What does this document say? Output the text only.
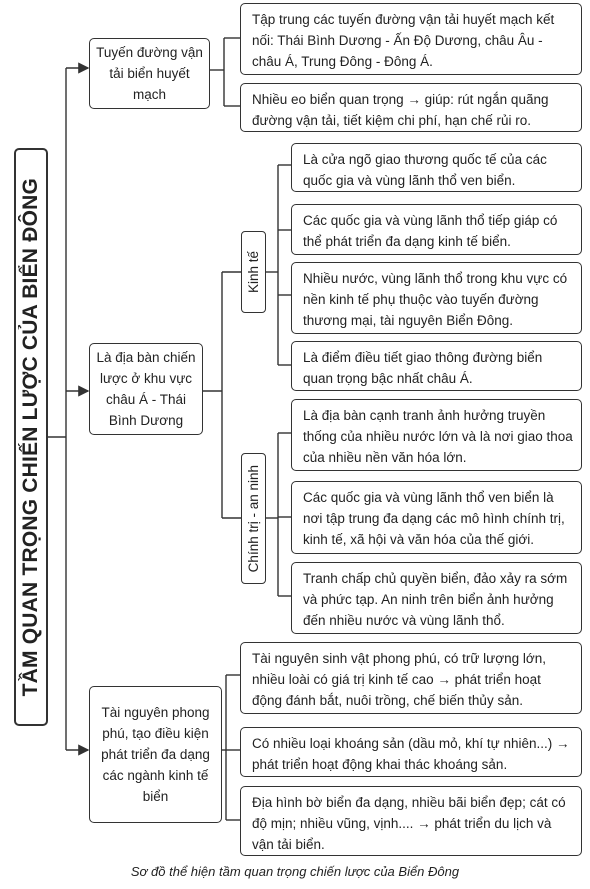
TẦM QUAN TRỌNG CHIẾN LƯỢC CỦA BIỂN ĐÔNG
Tuyến đường vận tải biển huyết mạch
Tập trung các tuyến đường vận tải huyết mạch kết nối: Thái Bình Dương - Ấn Độ Dương, châu Âu - châu Á, Trung Đông - Đông Á.
Nhiều eo biển quan trọng → giúp: rút ngắn quãng đường vận tải, tiết kiệm chi phí, hạn chế rủi ro.
Là địa bàn chiến lược ở khu vực châu Á - Thái Bình Dương
Kinh tế
Chính trị - an ninh
Là cửa ngõ giao thương quốc tế của các quốc gia và vùng lãnh thổ ven biển.
Các quốc gia và vùng lãnh thổ tiếp giáp có thể phát triển đa dạng kinh tế biển.
Nhiều nước, vùng lãnh thổ trong khu vực có nền kinh tế phụ thuộc vào tuyến đường thương mại, tài nguyên Biển Đông.
Là điểm điều tiết giao thông đường biển quan trọng bậc nhất châu Á.
Là địa bàn cạnh tranh ảnh hưởng truyền thống của nhiều nước lớn và là nơi giao thoa của nhiều nền văn hóa lớn.
Các quốc gia và vùng lãnh thổ ven biển là nơi tập trung đa dạng các mô hình chính trị, kinh tế, xã hội và văn hóa của thế giới.
Tranh chấp chủ quyền biển, đảo xảy ra sớm và phức tạp. An ninh trên biển ảnh hưởng đến nhiều nước và vùng lãnh thổ.
Tài nguyên phong phú, tạo điều kiện phát triển đa dạng các ngành kinh tế biển
Tài nguyên sinh vật phong phú, có trữ lượng lớn, nhiều loài có giá trị kinh tế cao → phát triển hoạt động đánh bắt, nuôi trồng, chế biến thủy sản.
Có nhiều loại khoáng sản (dầu mỏ, khí tự nhiên...) → phát triển hoạt động khai thác khoáng sản.
Địa hình bờ biển đa dạng, nhiều bãi biển đẹp; cát có độ mịn; nhiều vũng, vịnh.... → phát triển du lịch và vận tải biển.
Sơ đồ thể hiện tầm quan trọng chiến lược của Biển Đông
